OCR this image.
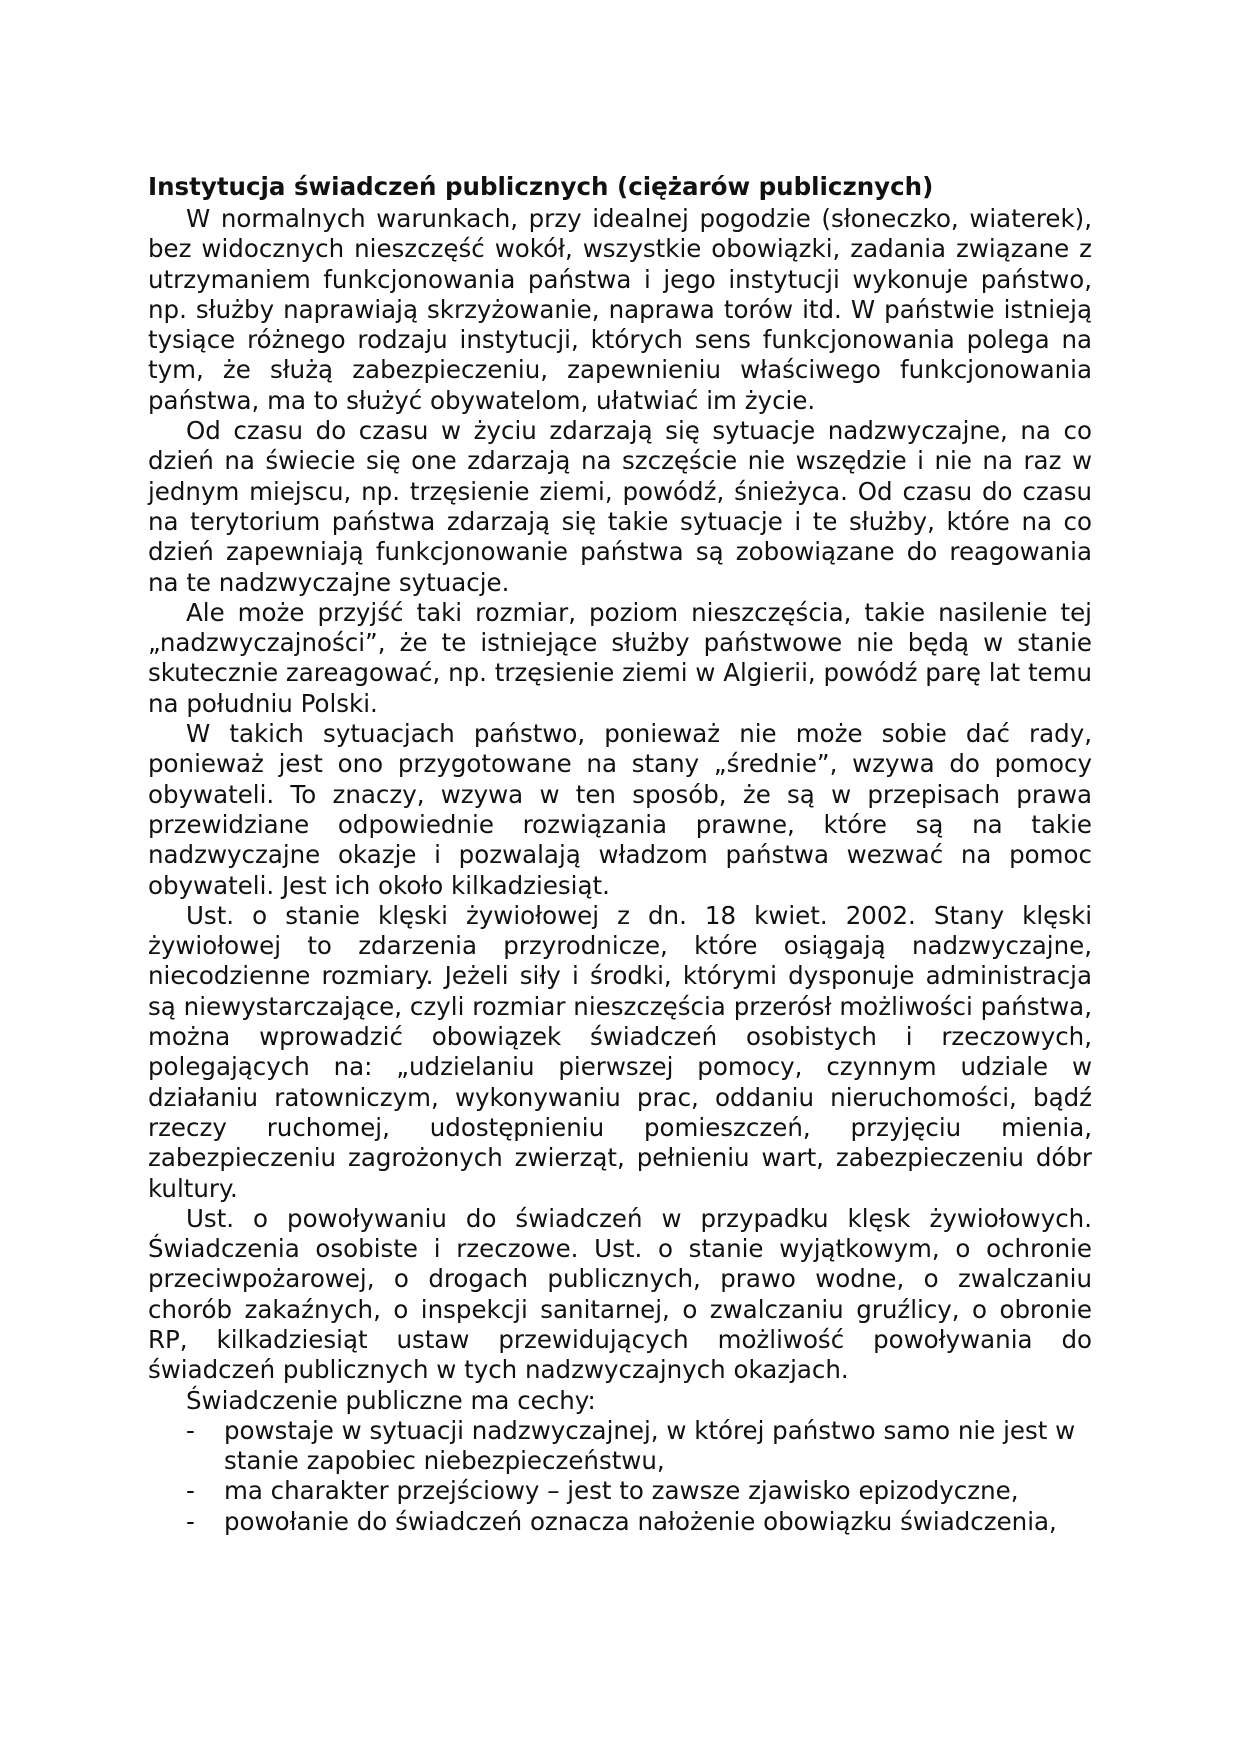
Instytucja świadczeń publicznych (ciężarów publicznych)

W normalnych warunkach, przy idealnej pogodzie (słoneczko, wiaterek), bez widocznych nieszczęść wokół, wszystkie obowiązki, zadania związane z utrzymaniem funkcjonowania państwa i jego instytucji wykonuje państwo, np. służby naprawiają skrzyżowanie, naprawa torów itd. W państwie istnieją tysiące różnego rodzaju instytucji, których sens funkcjonowania polega na tym, że służą zabezpieczeniu, zapewnieniu właściwego funkcjonowania państwa, ma to służyć obywatelom, ułatwiać im życie.

Od czasu do czasu w życiu zdarzają się sytuacje nadzwyczajne, na co dzień na świecie się one zdarzają na szczęście nie wszędzie i nie na raz w jednym miejscu, np. trzęsienie ziemi, powódź, śnieżyca. Od czasu do czasu na terytorium państwa zdarzają się takie sytuacje i te służby, które na co dzień zapewniają funkcjonowanie państwa są zobowiązane do reagowania na te nadzwyczajne sytuacje.

Ale może przyjść taki rozmiar, poziom nieszczęścia, takie nasilenie tej „nadzwyczajności”, że te istniejące służby państwowe nie będą w stanie skutecznie zareagować, np. trzęsienie ziemi w Algierii, powódź parę lat temu na południu Polski.

W takich sytuacjach państwo, ponieważ nie może sobie dać rady, ponieważ jest ono przygotowane na stany „średnie”, wzywa do pomocy obywateli. To znaczy, wzywa w ten sposób, że są w przepisach prawa przewidziane odpowiednie rozwiązania prawne, które są na takie nadzwyczajne okazje i pozwalają władzom państwa wezwać na pomoc obywateli. Jest ich około kilkadziesiąt.

Ust. o stanie klęski żywiołowej z dn. 18 kwiet. 2002. Stany klęski żywiołowej to zdarzenia przyrodnicze, które osiągają nadzwyczajne, niecodzienne rozmiary. Jeżeli siły i środki, którymi dysponuje administracja są niewystarczające, czyli rozmiar nieszczęścia przerósł możliwości państwa, można wprowadzić obowiązek świadczeń osobistych i rzeczowych, polegających na: „udzielaniu pierwszej pomocy, czynnym udziale w działaniu ratowniczym, wykonywaniu prac, oddaniu nieruchomości, bądź rzeczy ruchomej, udostępnieniu pomieszczeń, przyjęciu mienia, zabezpieczeniu zagrożonych zwierząt, pełnieniu wart, zabezpieczeniu dóbr kultury.

Ust. o powoływaniu do świadczeń w przypadku klęsk żywiołowych. Świadczenia osobiste i rzeczowe. Ust. o stanie wyjątkowym, o ochronie przeciwpożarowej, o drogach publicznych, prawo wodne, o zwalczaniu chorób zakaźnych, o inspekcji sanitarnej, o zwalczaniu gruźlicy, o obronie RP, kilkadziesiąt ustaw przewidujących możliwość powoływania do świadczeń publicznych w tych nadzwyczajnych okazjach.

Świadczenie publiczne ma cechy:

- powstaje w sytuacji nadzwyczajnej, w której państwo samo nie jest w stanie zapobiec niebezpieczeństwu,
- ma charakter przejściowy – jest to zawsze zjawisko epizodyczne,
- powołanie do świadczeń oznacza nałożenie obowiązku świadczenia,
